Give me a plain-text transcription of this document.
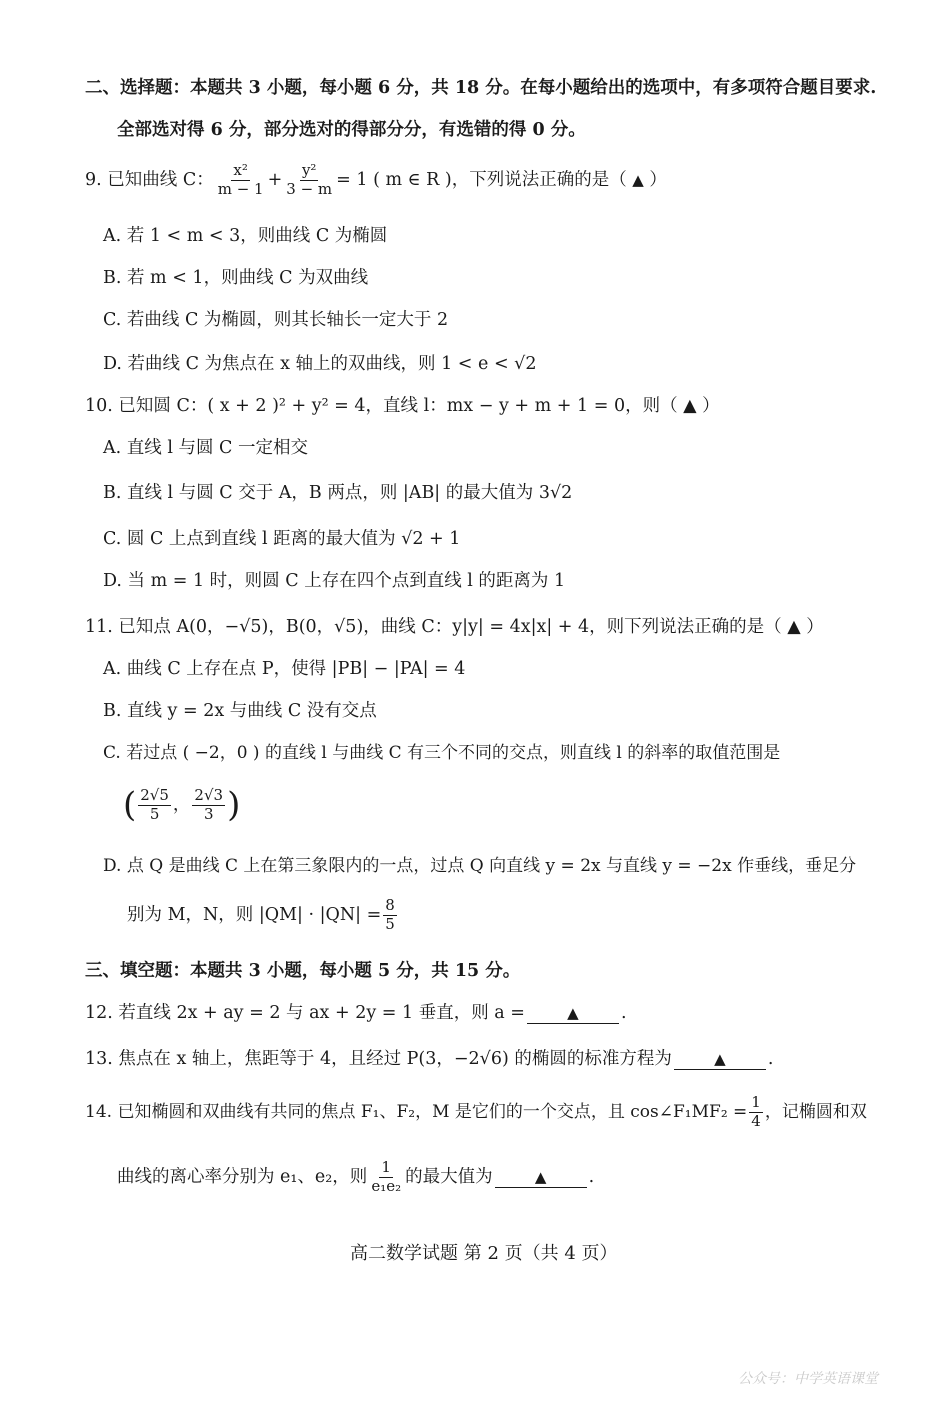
二、选择题：本题共 3 小题，每小题 6 分，共 18 分。在每小题给出的选项中，有多项符合题目要求.
全部选对得 6 分，部分选对的得部分分，有选错的得 0 分。
9. 已知曲线 C： $\frac{\text{x²}}{m - 1} + \frac{\text{y²}}{3 - m} = 1$ ( m ∈ R )，下列说法正确的是（ ▲ ）
A. 若 1 < m < 3，则曲线 C 为椭圆
B. 若 m < 1，则曲线 C 为双曲线
C. 若曲线 C 为椭圆，则其长轴长一定大于 2
D. 若曲线 C 为焦点在 x 轴上的双曲线，则 1 < e < √2
10. 已知圆 C：( x + 2 )² + y² = 4，直线 l：mx − y + m + 1 = 0，则（ ▲ ）
A. 直线 l 与圆 C 一定相交
B. 直线 l 与圆 C 交于 A，B 两点，则 |AB| 的最大值为 3√2
C. 圆 C 上点到直线 l 距离的最大值为 √2 + 1
D. 当 m = 1 时，则圆 C 上存在四个点到直线 l 的距离为 1
11. 已知点 A(0，−√5)，B(0，√5)，曲线 C：y|y| = 4x|x| + 4，则下列说法正确的是（ ▲ ）
A. 曲线 C 上存在点 P，使得 |PB| − |PA| = 4
B. 直线 y = 2x 与曲线 C 没有交点
C. 若过点 ( −2，0 ) 的直线 l 与曲线 C 有三个不同的交点，则直线 l 的斜率的取值范围是
( $\frac{2√5}{5}$ ， $\frac{2√3}{3}$ )
D. 点 Q 是曲线 C 上在第三象限内的一点，过点 Q 向直线 y = 2x 与直线 y = −2x 作垂线，垂足分
别为 M，N，则 $|QM| \cdot |QN| = \frac{8}{5}$
三、填空题：本题共 3 小题，每小题 5 分，共 15 分。
12. 若直线 2x + ay = 2 与 ax + 2y = 1 垂直，则 a =	▲ .
13. 焦点在 x 轴上，焦距等于 4，且经过 P(3，−2√6) 的椭圆的标准方程为	▲ .
14. 已知椭圆和双曲线有共同的焦点 F₁、F₂，M 是它们的一个交点，且 cos∠F₁MF₂ = $\frac{1}{4}$ ，记椭圆和双
曲线的离心率分别为 e₁、e₂，则 $\frac{1}{\text{e₁e₂}}$ 的最大值为	▲ .
高二数学试题 第 2 页（共 4 页）
公众号：中学英语课堂
